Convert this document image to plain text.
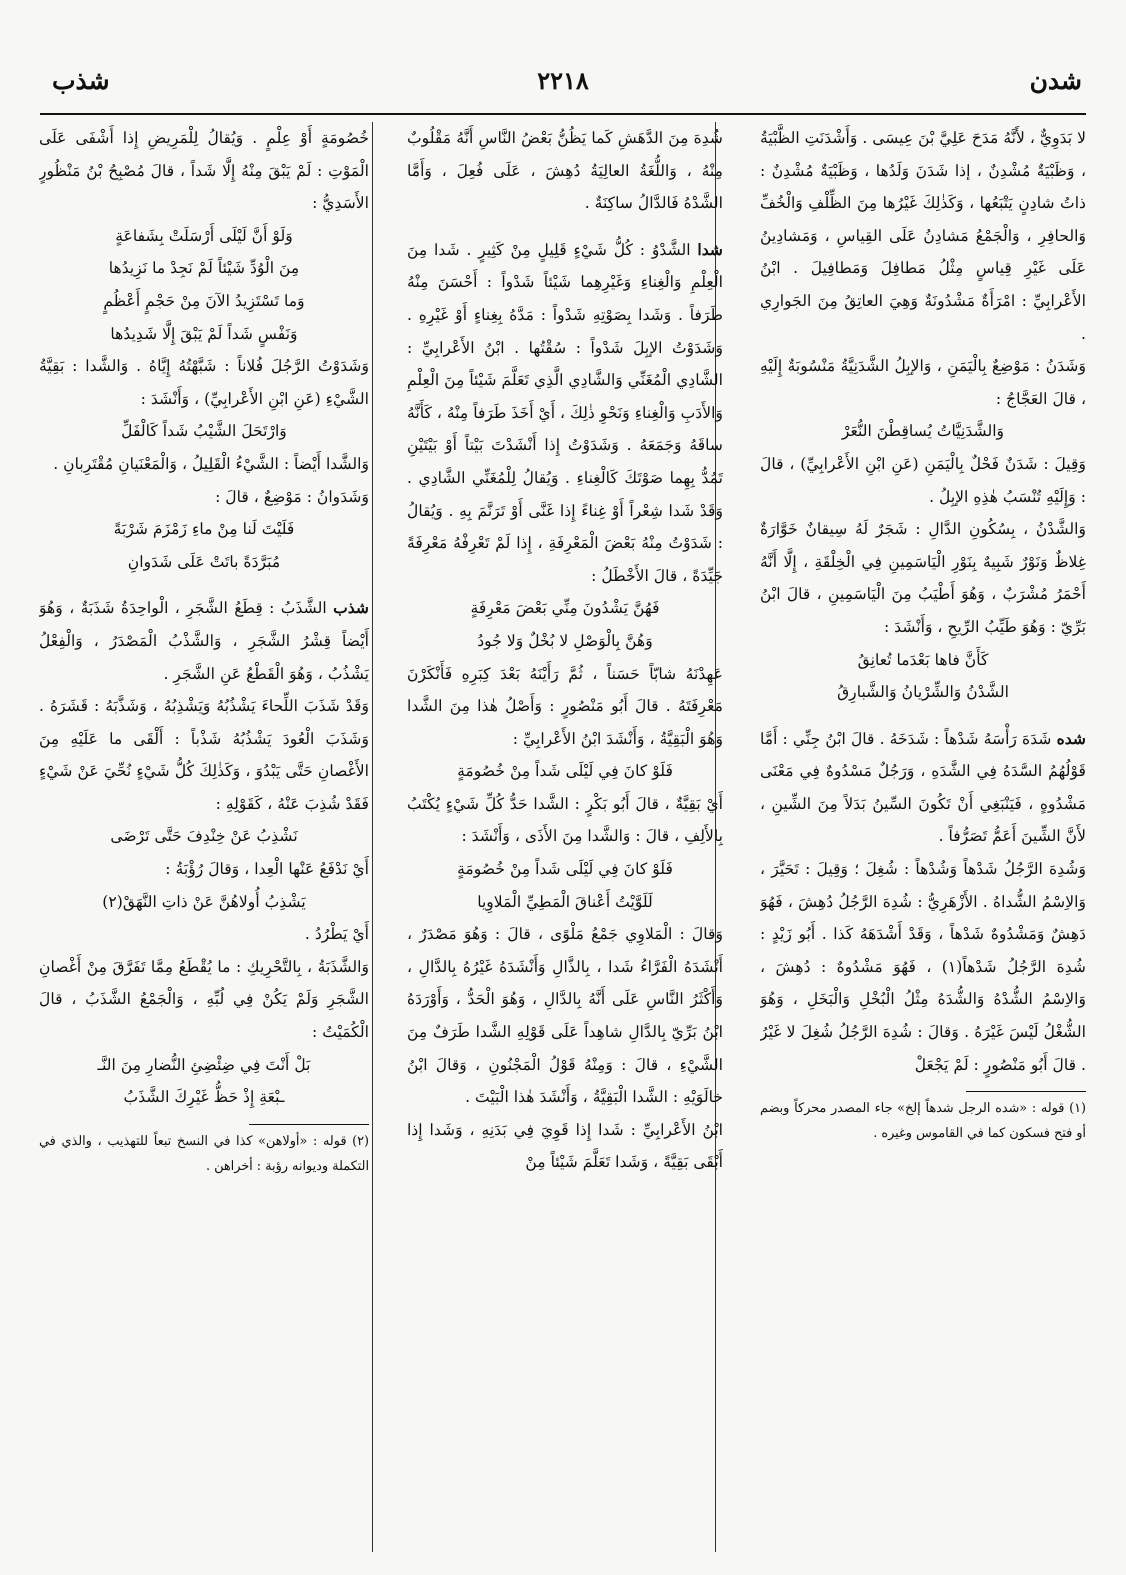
شدن
٢٢١٨
شذب

لا بَدَوِيٌّ ، لأَنَّهُ مَدَحَ عَلِيَّ بْنَ عِيسَى . وَأَشْدَنَتِ الظَّبْيَةُ ، وَظَبْيَةٌ مُشْدِنٌ ، إذا شَدَنَ وَلَدُها ، وَظَبْيَةٌ مُشْدِنٌ : ذاتُ شادِنٍ يَتْبَعُها ، وَكَذٰلِكَ غَيْرُها مِنَ الظِّلْفِ وَالْخُفِّ وَالحافِرِ ، وَالْجَمْعُ مَشادِنُ عَلَى القِياسِ ، وَمَشادِينُ عَلَى غَيْرِ قِياسٍ مِثْلُ مَطافِلَ وَمَطافِيلَ . ابْنُ الأَعْرابِيِّ : امْرَأَةٌ مَشْدُونَةٌ وَهِيَ العاتِقُ مِنَ الجَوارِي .

وَشَدَنُ : مَوْضِعٌ بِالْيَمَنِ ، وَالإبِلُ الشَّدَنِيَّةُ مَنْسُوبَةٌ إِلَيْهِ ، قالَ العَجَّاجُ :

وَالشَّدَنِيَّاتُ يُساقِطْنَ النُّعَرْ

وَقِيلَ : شَدَنٌ فَحْلٌ بِالْيَمَنِ (عَنِ ابْنِ الأَعْرابِيِّ) ، قالَ : وَإِلَيْهِ تُنْسَبُ هٰذِهِ الإبِلُ .

وَالشَّدْنُ ، بِسُكُونِ الدَّالِ : شَجَرٌ لَهُ سِيقانٌ خَوَّارَةٌ غِلاظٌ وَنَوْرٌ شَبِيهٌ بِنَوْرِ الْيَاسَمِينِ فِي الْخِلْقَةِ ، إِلَّا أَنَّهُ أَحْمَرُ مُشْرَبٌ ، وَهُوَ أَطْيَبُ مِنَ الْيَاسَمِينِ ، قالَ ابْنُ بَرِّيّ : وَهُوَ طَيِّبُ الرِّيحِ ، وَأَنْشَدَ :

كَأَنَّ فاها بَعْدَما تُعانِقُ

الشَّدْنُ وَالشِّرْيانُ وَالشَّبارِقُ

شده شَدَهَ رَأْسَهُ شَدْهاً : شَدَخَهُ . قالَ ابْنُ جِنِّي : أَمَّا قَوْلُهُمُ السَّدَهُ فِي الشَّدَهِ ، وَرَجُلٌ مَسْدُوهٌ فِي مَعْنَى مَشْدُوهٍ ، فَيَنْبَغِي أَنْ تَكُونَ السِّينُ بَدَلاً مِنَ الشِّينِ ، لأَنَّ الشِّينَ أَعَمُّ تَصَرُّفاً .

وَشُدِهَ الرَّجُلُ شَدْهاً وَشُدْهاً : شُغِلَ ؛ وَقِيلَ : تَحَيَّرَ ، وَالاِسْمُ الشُّداهُ . الأَزْهَرِيُّ : شُدِهَ الرَّجُلُ دُهِشَ ، فَهُوَ دَهِشٌ وَمَشْدُوهٌ شَدْهاً ، وَقَدْ أَشْدَهَهُ كَذا . أَبُو زَيْدٍ : شُدِهَ الرَّجُلُ شَدْهاً(١) ، فَهُوَ مَشْدُوهٌ : دُهِشَ ، وَالاِسْمُ الشُّدْهُ وَالشُّدَهُ مِثْلُ الْبُخْلِ وَالْبَخَلِ ، وَهُوَ الشُّغْلُ لَيْسَ غَيْرَهُ . وَقالَ : شُدِهَ الرَّجُلُ شُغِلَ لا غَيْرُ . قالَ أَبُو مَنْصُورٍ : لَمْ يَجْعَلْ

(١) قوله : «شده الرجل شدهاً إلخ» جاء المصدر محركاً وبضم أو فتح فسكون كما في القاموس وغيره .

شُدِهَ مِنَ الدَّهَشِ كَما يَظُنُّ بَعْضُ النَّاسِ أَنَّهُ مَقْلُوبٌ مِنْهُ ، وَاللُّغَةُ العالِيَةُ دُهِشَ ، عَلَى فُعِلَ ، وَأَمَّا الشَّدْهُ فَالدَّالُ ساكِنَةٌ .

شدا الشَّدْوُ : كُلُّ شَيْءٍ قَلِيلٍ مِنْ كَثِيرٍ . شَدا مِنَ الْعِلْمِ وَالْغِناءِ وَغَيْرِهِما شَيْئاً شَدْواً : أَحْسَنَ مِنْهُ طَرَفاً . وَشَدا بِصَوْتِهِ شَدْواً : مَدَّهُ بِغِناءٍ أَوْ غَيْرِهِ . وَشَدَوْتُ الإبِلَ شَدْواً : سُقْتُها . ابْنُ الأَعْرابِيِّ : الشَّادِي الْمُغَنِّي وَالشَّادِي الَّذِي تَعَلَّمَ شَيْئاً مِنَ الْعِلْمِ وَالأَدَبِ وَالْغِناءِ وَنَحْوِ ذٰلِكَ ، أَيْ أَخَذَ طَرَفاً مِنْهُ ، كَأَنَّهُ ساقَهُ وَجَمَعَهُ . وَشَدَوْتُ إِذا أَنْشَدْتَ بَيْتاً أَوْ بَيْتَيْنِ تَمُدُّ بِهِما صَوْتَكَ كَالْغِناءِ . وَيُقالُ لِلْمُغَنِّي الشَّادِي . وَقَدْ شَدا شِعْراً أَوْ غِناءً إِذا غَنَّى أَوْ تَرَنَّمَ بِهِ . وَيُقالُ : شَدَوْتُ مِنْهُ بَعْضَ الْمَعْرِفَةِ ، إِذا لَمْ تَعْرِفْهُ مَعْرِفَةً جَيِّدَةً ، قالَ الأَخْطَلُ :

فَهُنَّ يَشْدُونَ مِنِّي بَعْضَ مَعْرِفَةٍ

وَهُنَّ بِالْوَصْلِ لا بُخْلٌ وَلا جُودُ

عَهِدْنَهُ شابّاً حَسَناً ، ثُمَّ رَأَيْنَهُ بَعْدَ كِبَرِهِ فَأَنْكَرْنَ مَعْرِفَتَهُ . قالَ أَبُو مَنْصُورٍ : وَأَصْلُ هٰذا مِنَ الشَّدا وَهُوَ الْبَقِيَّةُ ، وَأَنْشَدَ ابْنُ الأَعْرابِيِّ :

فَلَوْ كانَ فِي لَيْلَى شَداً مِنْ خُصُومَةٍ

أَيْ بَقِيَّةٌ ، قالَ أَبُو بَكْرٍ : الشَّدا حَدُّ كُلِّ شَيْءٍ يُكْتَبُ بِالأَلِفِ ، قالَ : وَالشَّدا مِنَ الأَذَى ، وَأَنْشَدَ :

فَلَوْ كانَ فِي لَيْلَى شَداً مِنْ خُصُومَةٍ

لَلَوَّيْتُ أَعْناقَ الْمَطِيِّ الْمَلاوِيا

وَقالَ : الْمَلاوِي جَمْعُ مَلْوًى ، قالَ : وَهُوَ مَصْدَرٌ ، أَنْشَدَهُ الْفَرَّاءُ شَدا ، بِالذَّالِ وَأَنْشَدَهُ غَيْرُهُ بِالدَّالِ ، وَأَكْثَرُ النَّاسِ عَلَى أَنَّهُ بِالدَّالِ ، وَهُوَ الْحَدُّ ، وَأَوْرَدَهُ ابْنُ بَرِّيّ بِالدَّالِ شاهِداً عَلَى قَوْلِهِ الشَّدا طَرَفٌ مِنَ الشَّيْءِ ، قالَ : وَمِنْهُ قَوْلُ الْمَجْنُونِ ، وَقالَ ابْنُ خالَوَيْهِ : الشَّدا الْبَقِيَّةُ ، وَأَنْشَدَ هٰذا الْبَيْتَ .

ابْنُ الأَعْرابِيِّ : شَدا إِذا قَوِيَ فِي بَدَنِهِ ، وَشَدا إِذا أَبْقَى بَقِيَّةً ، وَشَدا تَعَلَّمَ شَيْئاً مِنْ

خُصُومَةٍ أَوْ عِلْمٍ . وَيُقالُ لِلْمَرِيضِ إِذا أَشْفَى عَلَى الْمَوْتِ : لَمْ يَبْقَ مِنْهُ إِلَّا شَداً ، قالَ مُصْبِحُ بْنُ مَنْظُورٍ الأَسَدِيُّ :

وَلَوْ أَنَّ لَيْلَى أَرْسَلَتْ بِشَفاعَةٍ

مِنَ الْوُدِّ شَيْئاً لَمْ نَجِدْ ما نَزِيدُها

وَما تَسْتَزِيدُ الآنَ مِنْ حَجْمٍ أَعْظُمٍ

وَنَفْسٍ شَداً لَمْ يَبْقَ إِلَّا شَدِيدُها

وَشَدَوْتُ الرَّجُلَ فُلاناً : شَبَّهْتُهُ إِيَّاهُ . وَالشَّدا : بَقِيَّةُ الشَّيْءِ (عَنِ ابْنِ الأَعْرابِيِّ) ، وَأَنْشَدَ :

وَارْتَحَلَ الشَّيْبُ شَداً كَالْفَلِّ

وَالشَّدا أَيْضاً : الشَّيْءُ الْقَلِيلُ ، وَالْمَعْنَيانِ مُقْتَرِبانِ .

وَشَدَوانُ : مَوْضِعٌ ، قالَ :

فَلَيْتَ لَنا مِنْ ماءِ زَمْزَمَ شَرْبَةً

مُبَرَّدَةً باتَتْ عَلَى شَدَوانِ

شذب الشَّذَبُ : قِطَعُ الشَّجَرِ ، الْواحِدَةُ شَذَبَةٌ ، وَهُوَ أَيْضاً قِشْرُ الشَّجَرِ ، وَالشَّذْبُ الْمَصْدَرُ ، وَالْفِعْلُ يَشْذُبُ ، وَهُوَ الْقَطْعُ عَنِ الشَّجَرِ .

وَقَدْ شَذَبَ اللِّحاءَ يَشْذُبُهُ وَيَشْذِبُهُ ، وَشَذَّبَهُ : قَشَرَهُ . وَشَذَبَ الْعُودَ يَشْذُبُهُ شَذْباً : أَلْقَى ما عَلَيْهِ مِنَ الأَغْصانِ حَتَّى يَبْدُوَ ، وَكَذٰلِكَ كُلُّ شَيْءٍ نُحِّيَ عَنْ شَيْءٍ فَقَدْ شُذِبَ عَنْهُ ، كَقَوْلِهِ :

نَشْذِبُ عَنْ خِنْدِفَ حَتَّى تَرْضَى

أَيْ نَدْفَعُ عَنْها الْعِدا ، وَقالَ رُؤْبَةُ :

يَشْذِبُ أُولاهُنَّ عَنْ ذاتِ النَّهَقْ(٢)

أَيْ يَطْرُدُ .

وَالشَّذَبَةُ ، بِالتَّحْرِيكِ : ما يُقْطَعُ مِمَّا تَفَرَّقَ مِنْ أَغْصانِ الشَّجَرِ وَلَمْ يَكُنْ فِي لُبِّهِ ، وَالْجَمْعُ الشَّذَبُ ، قالَ الْكُمَيْتُ :

بَلْ أَنْتَ فِي ضِئْضِئِ النُّضارِ مِنَ النَّـ

ـبْعَةِ إِذْ حَظُّ غَيْرِكَ الشَّذَبُ

(٢) قوله : «أولاهن» كذا في النسخ تبعاً للتهذيب ، والذي في التكملة وديوانه رؤبة : أخراهن .
